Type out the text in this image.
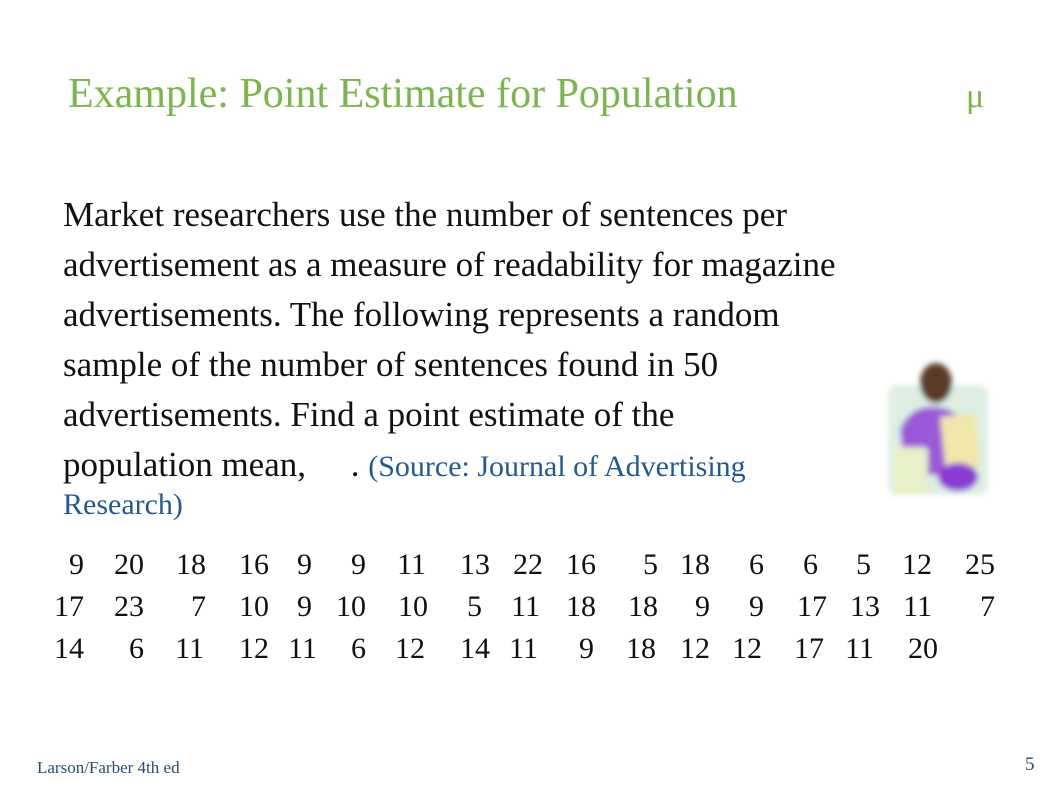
Example: Point Estimate for Population	μ
Market researchers use the number of sentences per
advertisement as a measure of readability for magazine
advertisements. The following represents a random
sample of the number of sentences found in 50
advertisements. Find a point estimate of the
population mean, . (Source: Journal of Advertising
Research)
9	20	18	16 9	9	11	13 22 16	5 18	6	6	5	12	25
17	23	7	10 9 10	10	5 11 18	18	9	9	17 13 11	7
14	6	11	12 11	6 12	14 11	9	18 12 12	17 11	20
Larson/Farber 4th ed	5
